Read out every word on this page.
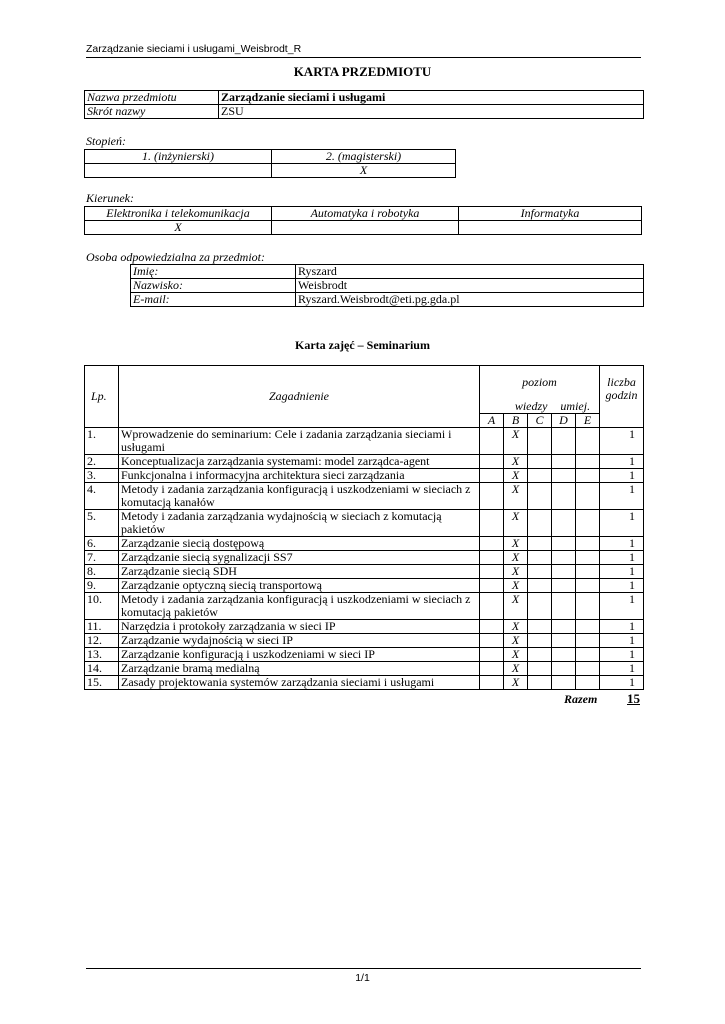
Zarządzanie sieciami i usługami_Weisbrodt_R
KARTA PRZEDMIOTU
Nazwa przedmiotu	Zarządzanie sieciami i usługami
Skrót nazwy	ZSU
Stopień:
1. (inżynierski)	2. (magisterski)
	X
Kierunek:
Elektronika i telekomunikacja	Automatyka i robotyka	Informatyka
X		
Osoba odpowiedzialna za przedmiot:
Imię:	Ryszard
Nazwisko:	Weisbrodt
E-mail:	Ryszard.Weisbrodt@eti.pg.gda.pl
Karta zajęć – Seminarium
Lp.	Zagadnienie	poziom					liczba godzin
		wiedzy			umiej.		
		A	B	C	D	E	
1.	Wprowadzenie do seminarium: Cele i zadania zarządzania sieciami i usługami		X				1
2.	Konceptualizacja zarządzania systemami: model zarządca-agent		X				1
3.	Funkcjonalna i informacyjna architektura sieci zarządzania		X				1
4.	Metody i zadania zarządzania konfiguracją i uszkodzeniami w sieciach z komutacją kanałów		X				1
5.	Metody i zadania zarządzania wydajnością w sieciach z komutacją pakietów		X				1
6.	Zarządzanie siecią dostępową		X				1
7.	Zarządzanie siecią sygnalizacji SS7		X				1
8.	Zarządzanie siecią SDH		X				1
9.	Zarządzanie optyczną siecią transportową		X				1
10.	Metody i zadania zarządzania konfiguracją i uszkodzeniami w sieciach z komutacją pakietów		X				1
11.	Narzędzia i protokoły zarządzania w sieci IP		X				1
12.	Zarządzanie wydajnością w sieci IP		X				1
13.	Zarządzanie konfiguracją i uszkodzeniami w sieci IP		X				1
14.	Zarządzanie bramą medialną		X				1
15.	Zasady projektowania systemów zarządzania sieciami i usługami		X				1
Razem 15
1/1
